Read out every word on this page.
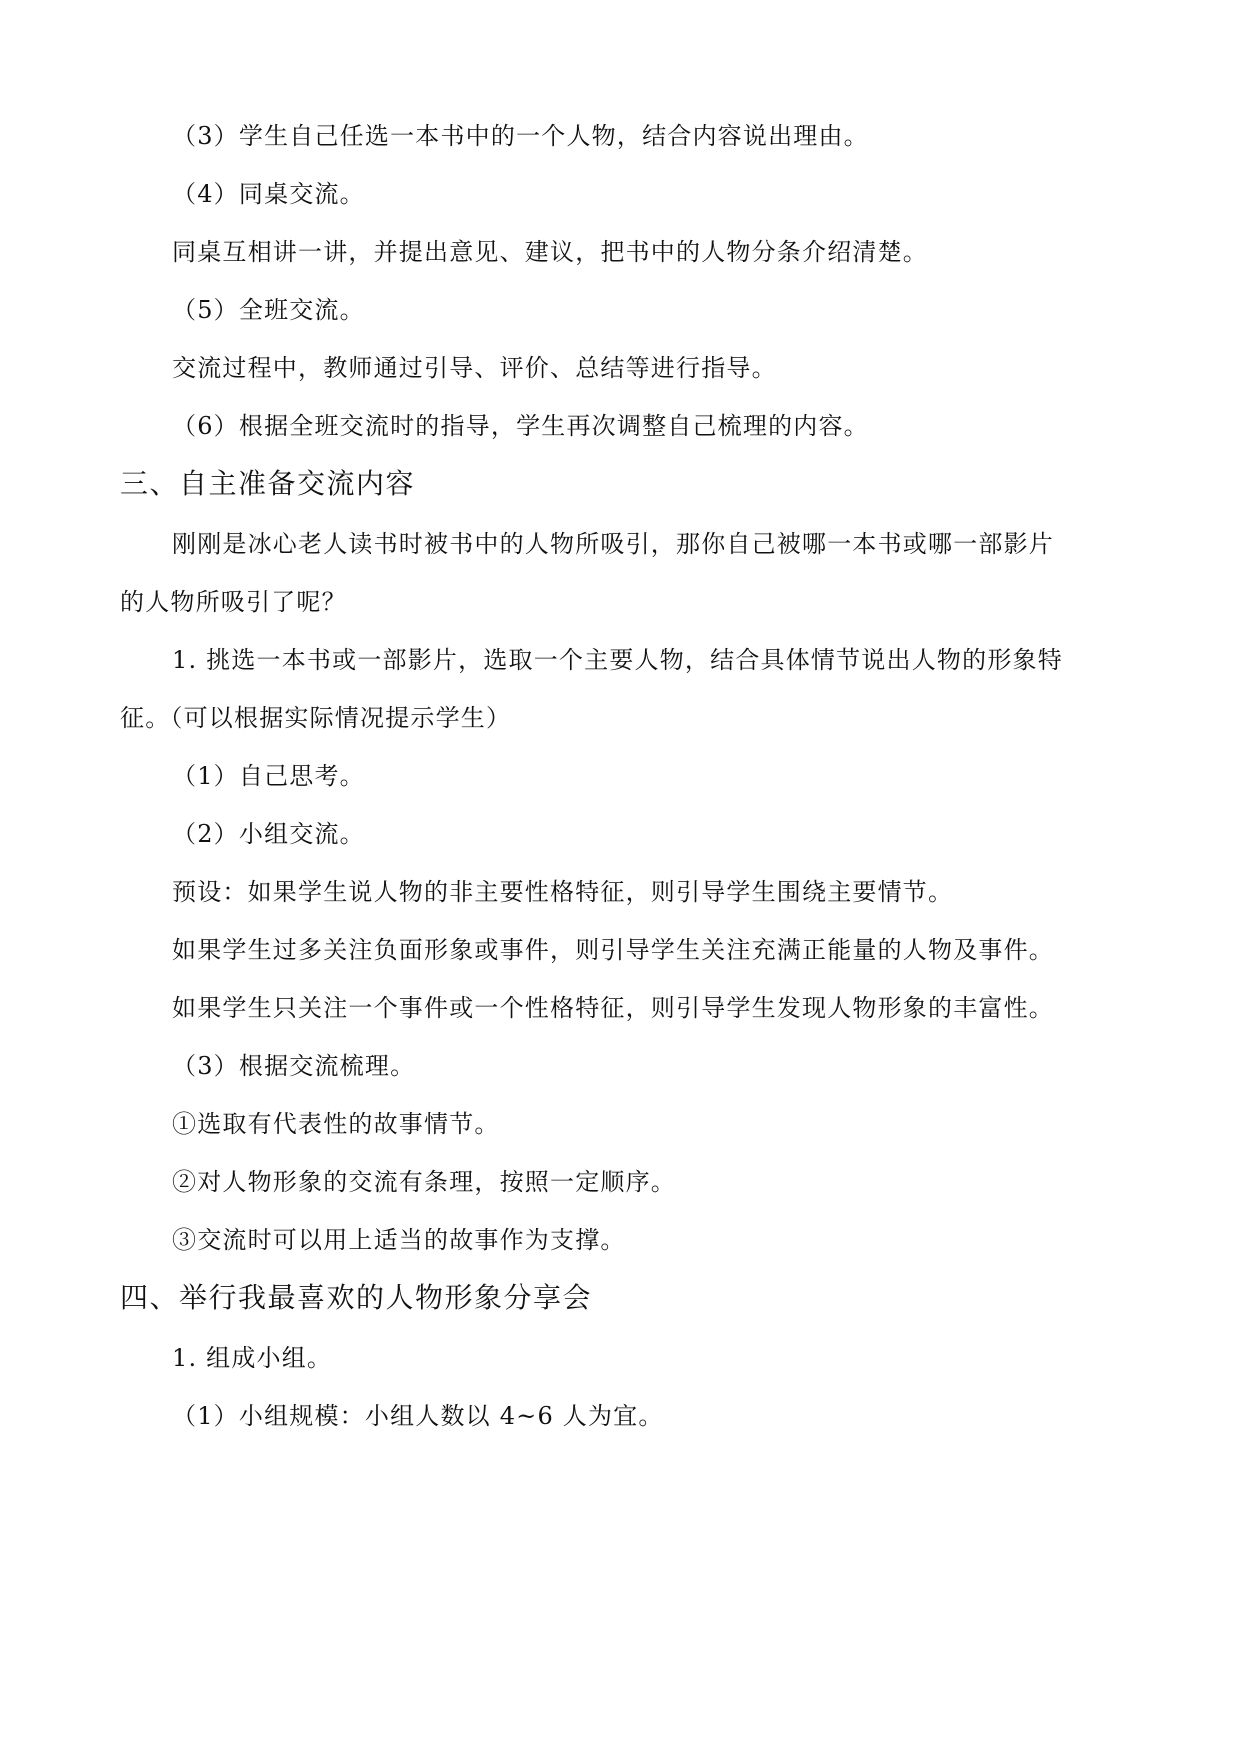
（3）学生自己任选一本书中的一个人物，结合内容说出理由。
（4）同桌交流。
同桌互相讲一讲，并提出意见、建议，把书中的人物分条介绍清楚。
（5）全班交流。
交流过程中，教师通过引导、评价、总结等进行指导。
（6）根据全班交流时的指导，学生再次调整自己梳理的内容。
三、自主准备交流内容
刚刚是冰心老人读书时被书中的人物所吸引，那你自己被哪一本书或哪一部影片
的人物所吸引了呢？
1. 挑选一本书或一部影片，选取一个主要人物，结合具体情节说出人物的形象特
征。（可以根据实际情况提示学生）
（1）自己思考。
（2）小组交流。
预设：如果学生说人物的非主要性格特征，则引导学生围绕主要情节。
如果学生过多关注负面形象或事件，则引导学生关注充满正能量的人物及事件。
如果学生只关注一个事件或一个性格特征，则引导学生发现人物形象的丰富性。
（3）根据交流梳理。
①选取有代表性的故事情节。
②对人物形象的交流有条理，按照一定顺序。
③交流时可以用上适当的故事作为支撑。
四、举行我最喜欢的人物形象分享会
1. 组成小组。
（1）小组规模：小组人数以 4~6 人为宜。
